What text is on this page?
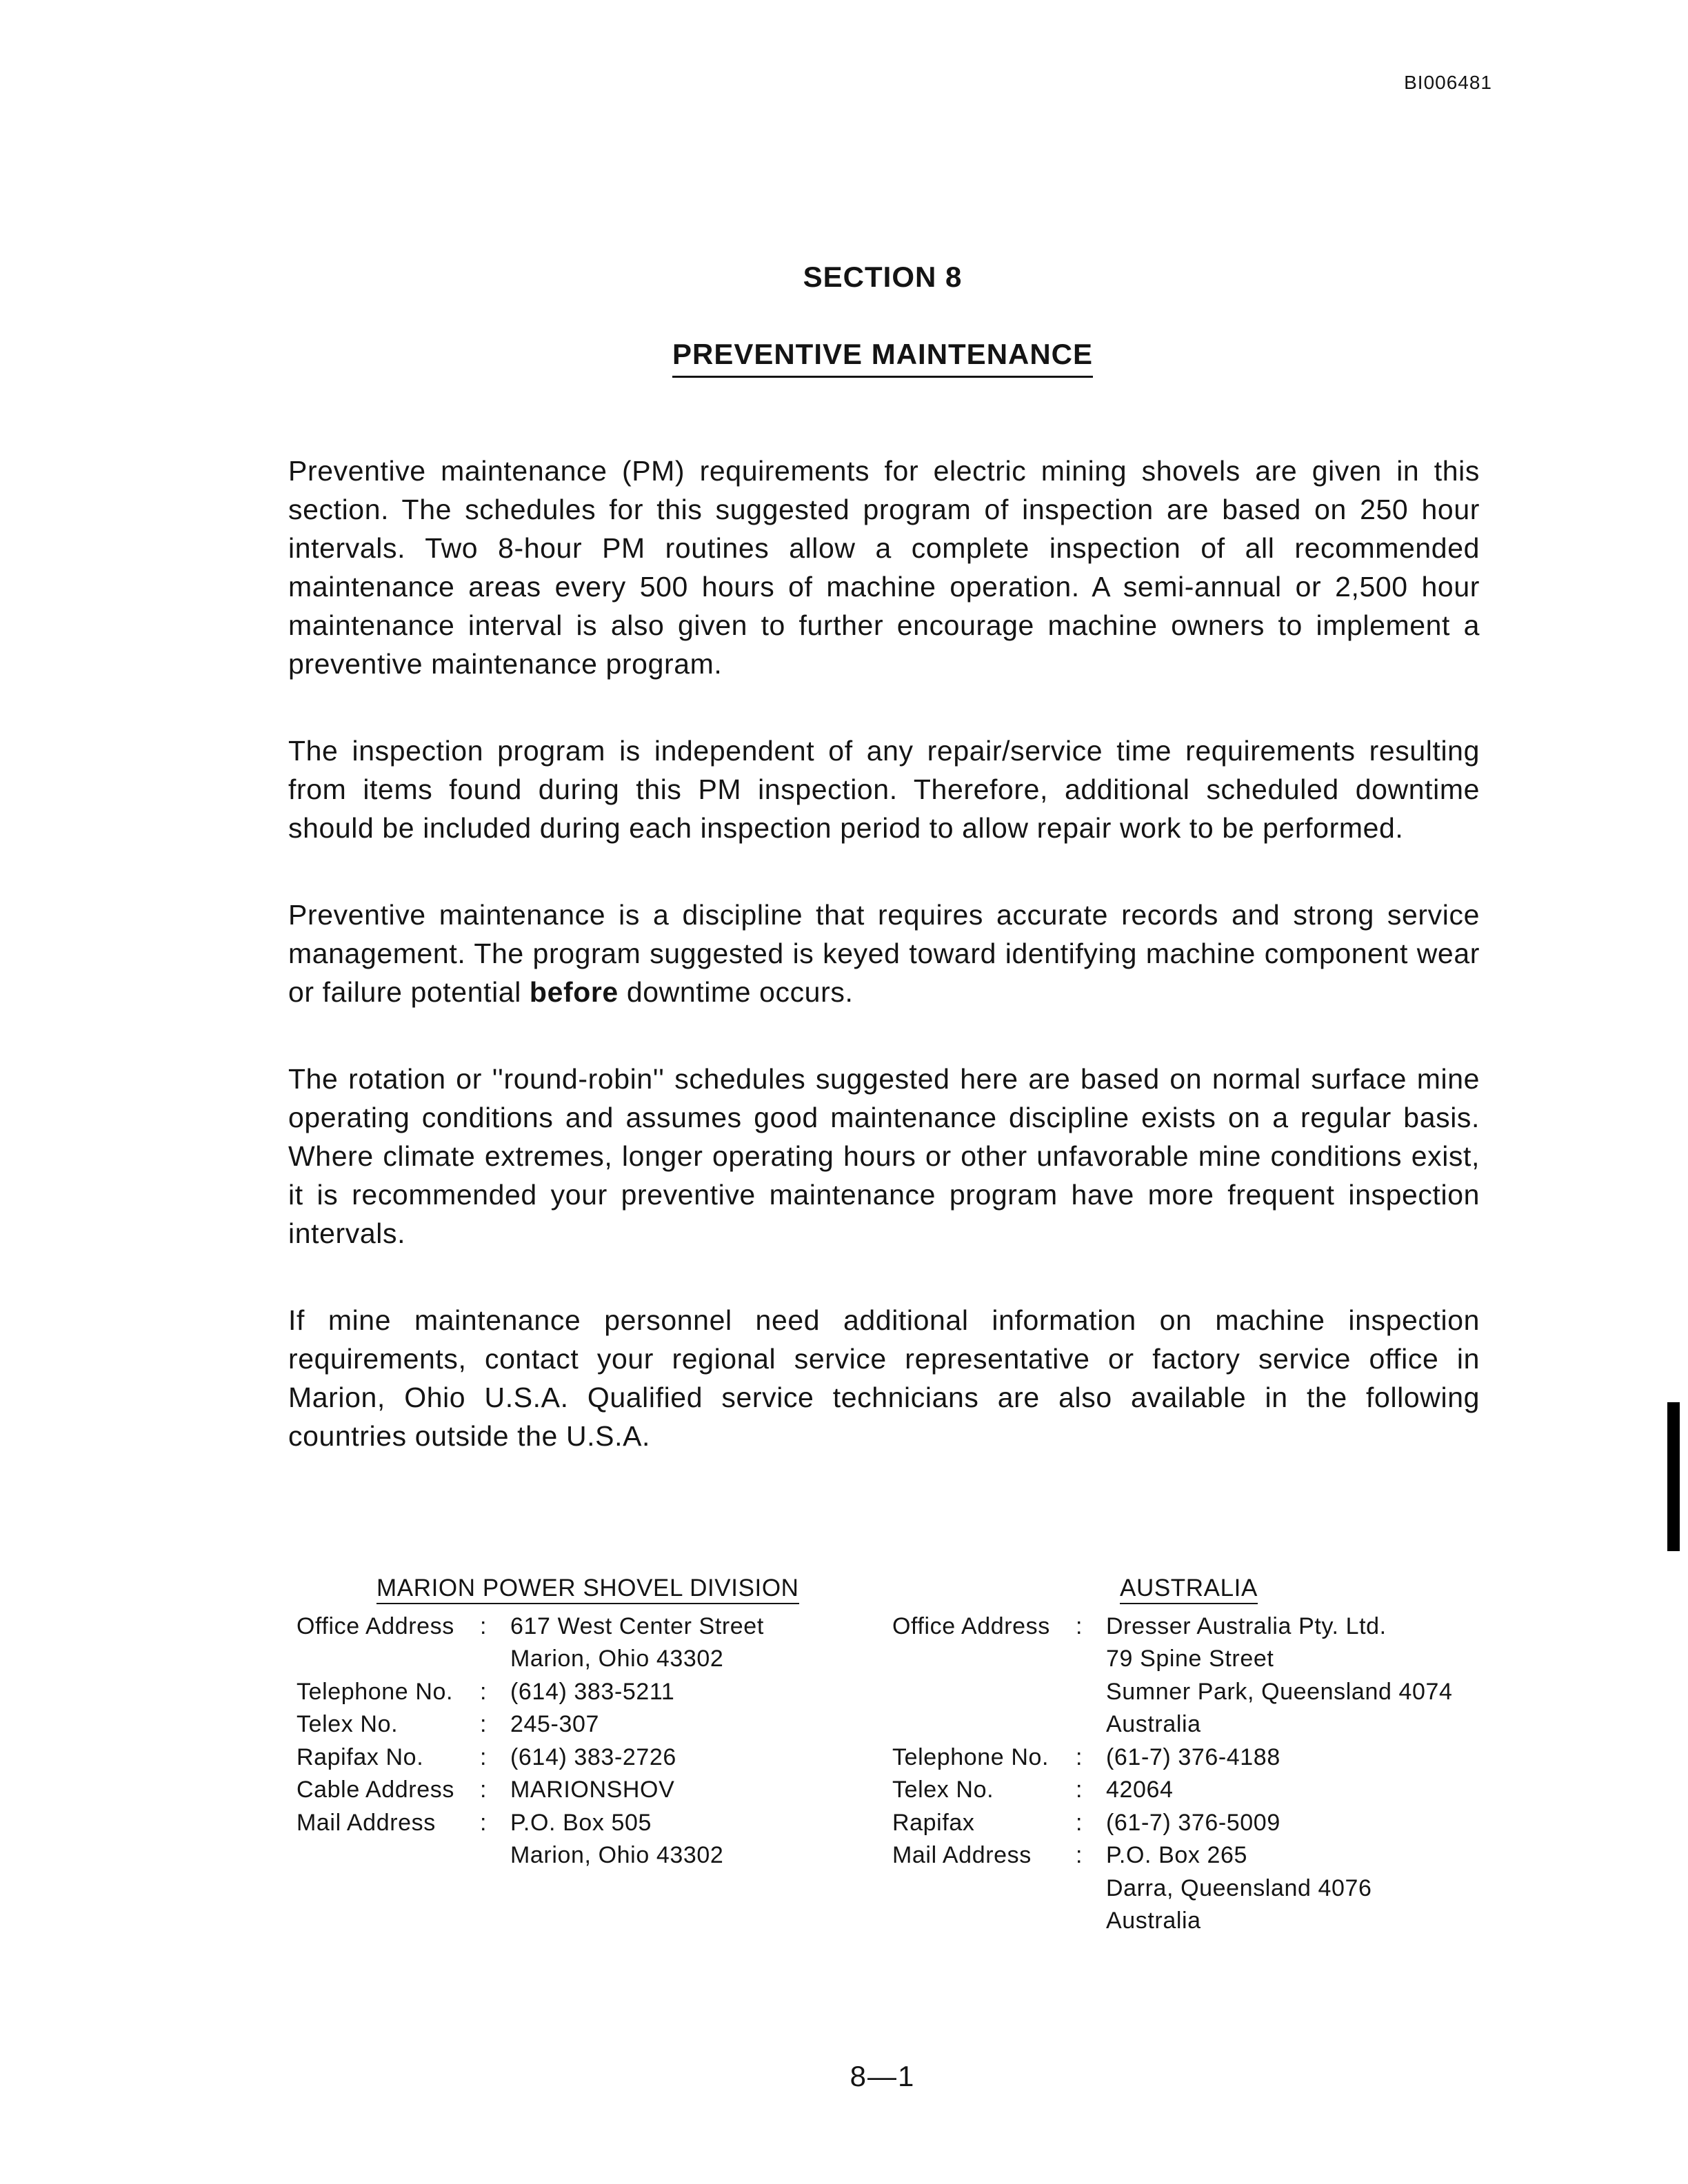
BI006481
SECTION 8
PREVENTIVE MAINTENANCE

Preventive maintenance (PM) requirements for electric mining shovels are given in this section. The schedules for this suggested program of inspection are based on 250 hour intervals. Two 8-hour PM routines allow a complete inspection of all recommended maintenance areas every 500 hours of machine operation. A semi-annual or 2,500 hour maintenance interval is also given to further encourage machine owners to implement a preventive maintenance program.

The inspection program is independent of any repair/service time requirements resulting from items found during this PM inspection. Therefore, additional scheduled downtime should be included during each inspection period to allow repair work to be performed.

Preventive maintenance is a discipline that requires accurate records and strong service management. The program suggested is keyed toward identifying machine component wear or failure potential before downtime occurs.

The rotation or ''round-robin'' schedules suggested here are based on normal surface mine operating conditions and assumes good maintenance discipline exists on a regular basis. Where climate extremes, longer operating hours or other unfavorable mine conditions exist, it is recommended your preventive maintenance program have more frequent inspection intervals.

If mine maintenance personnel need additional information on machine inspection requirements, contact your regional service representative or factory service office in Marion, Ohio U.S.A. Qualified service technicians are also available in the following countries outside the U.S.A.

MARION POWER SHOVEL DIVISION
Office Address	: 617 West Center Street
Marion, Ohio 43302
Telephone No.	: (614) 383-5211
Telex No.	: 245-307
Rapifax No.	: (614) 383-2726
Cable Address	: MARIONSHOV
Mail Address	: P.O. Box 505
Marion, Ohio 43302
AUSTRALIA
Office Address	: Dresser Australia Pty. Ltd.
79 Spine Street
Sumner Park, Queensland 4074
Australia
Telephone No.	: (61-7) 376-4188
Telex No.	: 42064
Rapifax	: (61-7) 376-5009
Mail Address	: P.O. Box 265
Darra, Queensland 4076
Australia
8—1
